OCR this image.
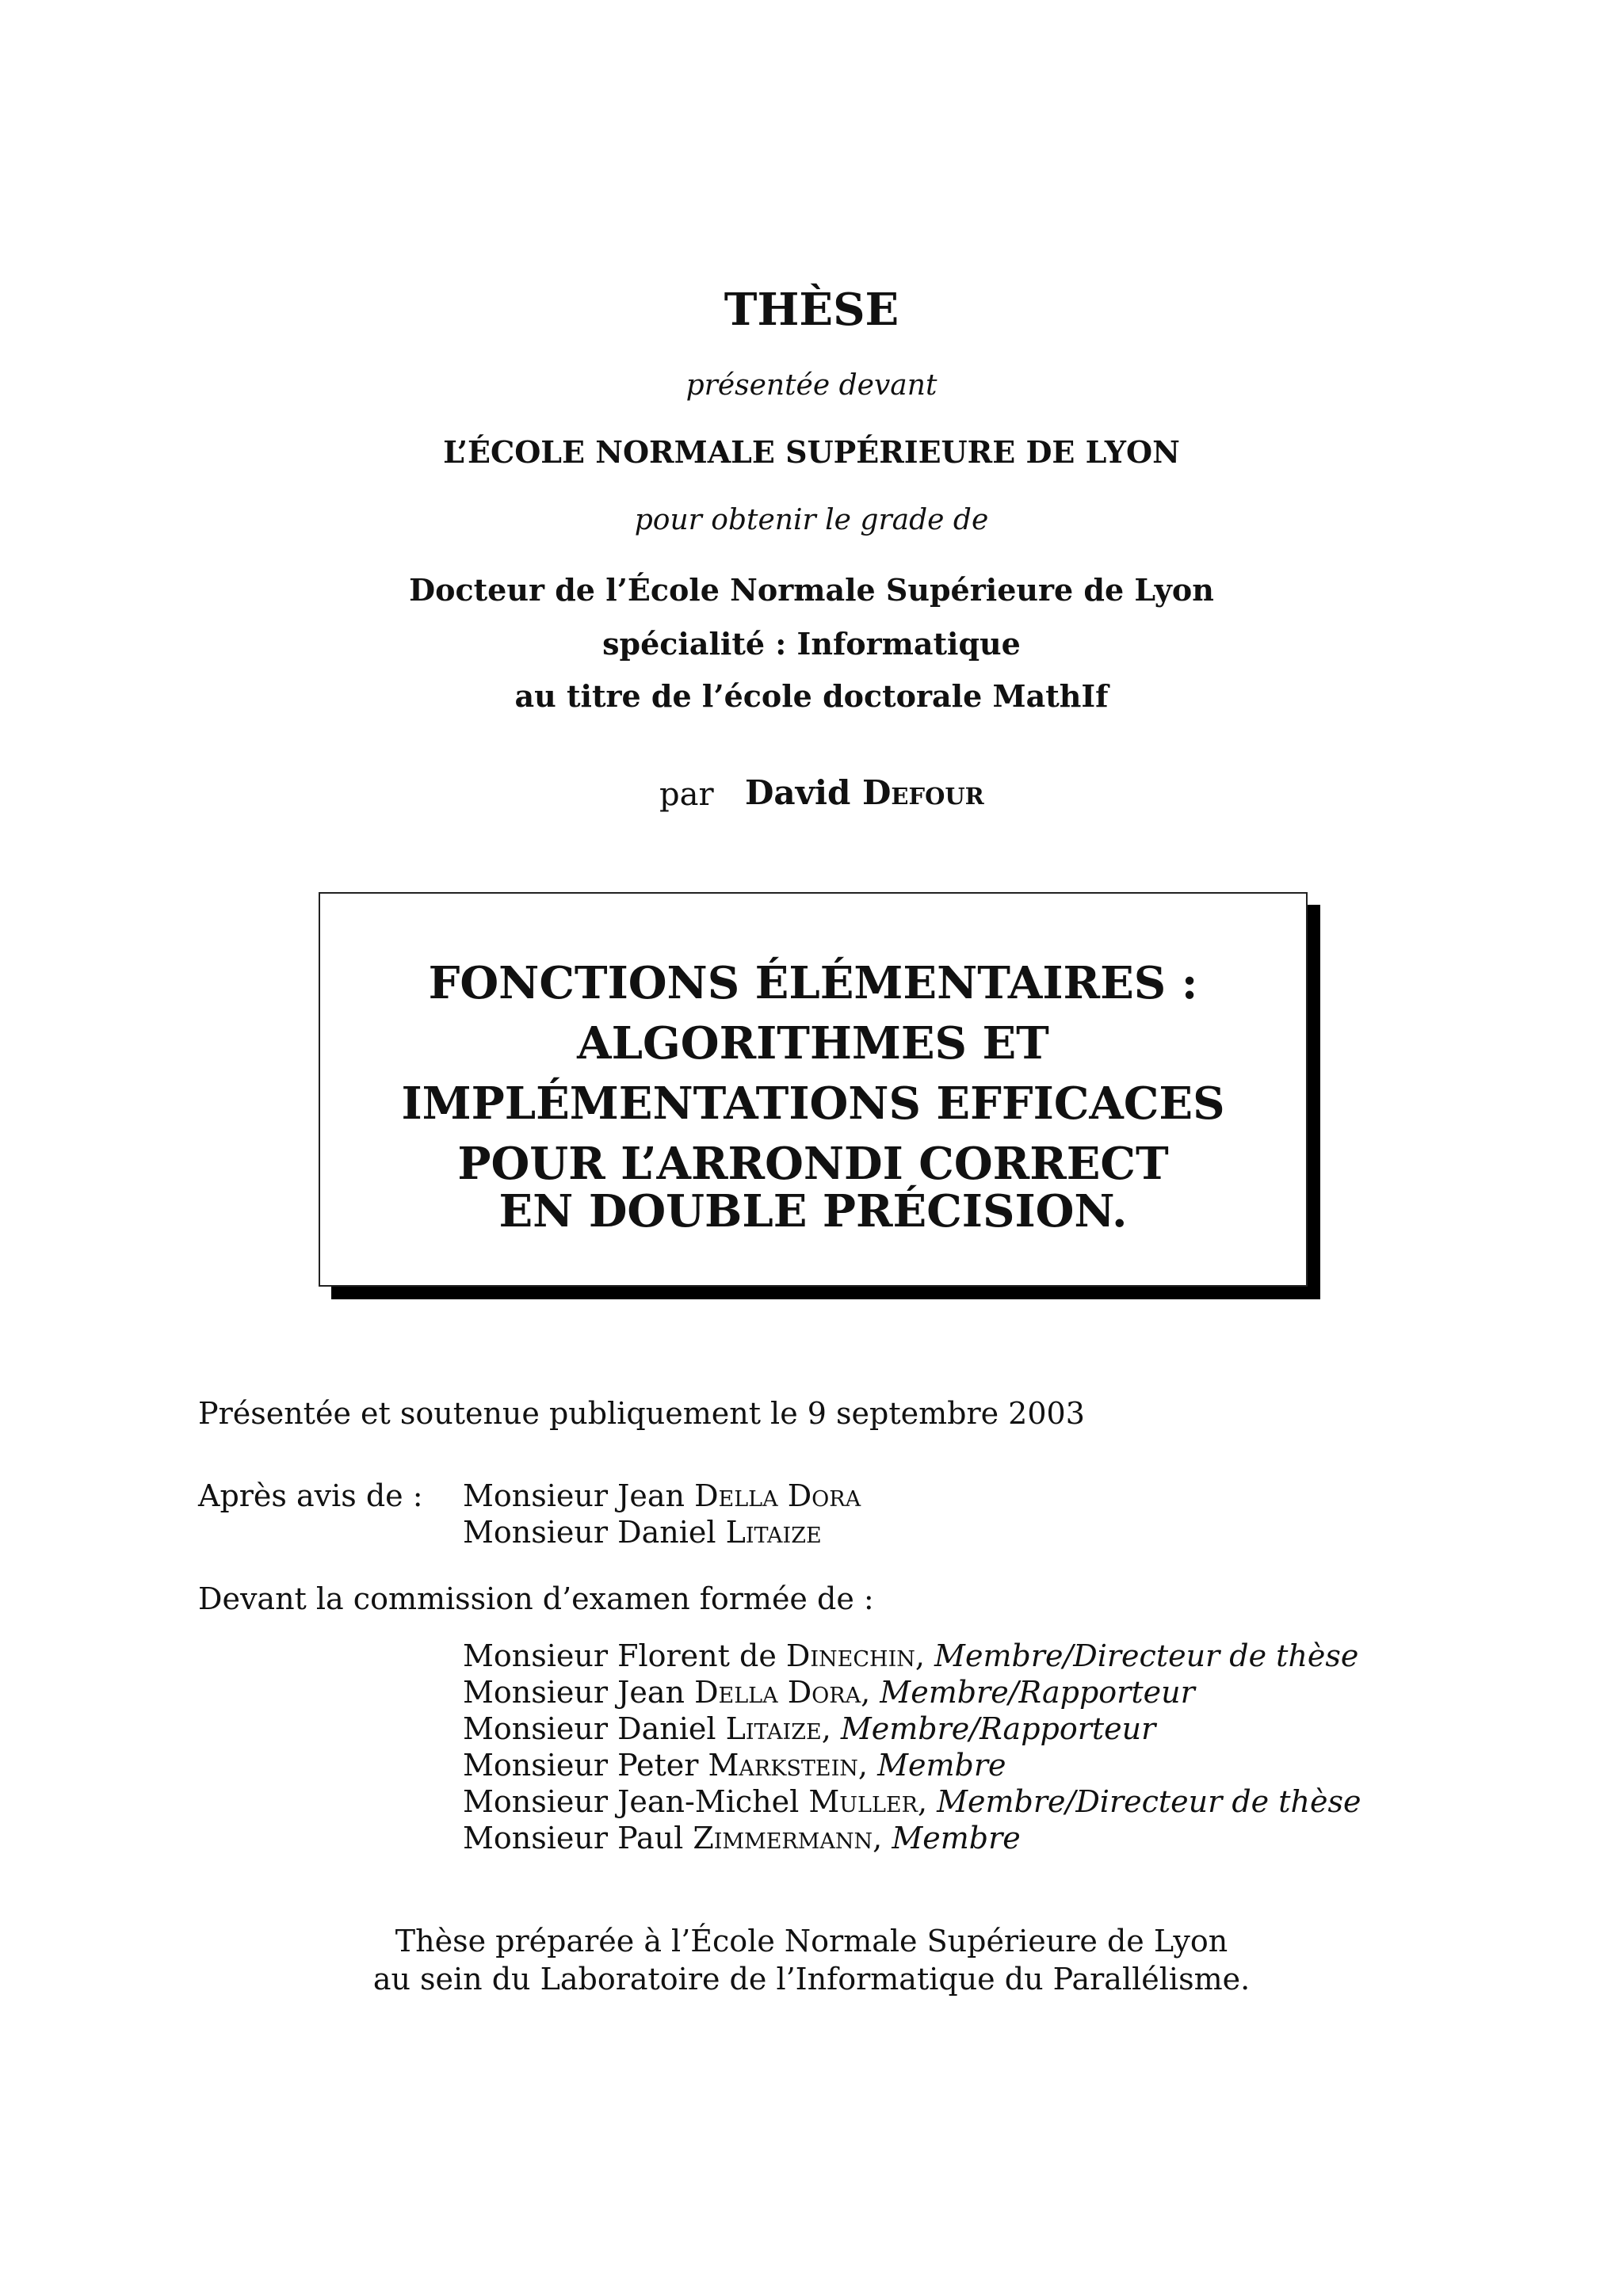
THÈSE
présentée devant
L’ÉCOLE NORMALE SUPÉRIEURE DE LYON
pour obtenir le grade de
Docteur de l’École Normale Supérieure de Lyon
spécialité : Informatique
au titre de l’école doctorale MathIf
par David Defour
FONCTIONS ÉLÉMENTAIRES :
ALGORITHMES ET
IMPLÉMENTATIONS EFFICACES
POUR L’ARRONDI CORRECT
EN DOUBLE PRÉCISION.
Présentée et soutenue publiquement le 9 septembre 2003
Après avis de : Monsieur Jean Della Dora
Monsieur Daniel Litaize
Devant la commission d’examen formée de :
Monsieur Florent de Dinechin, Membre/Directeur de thèse
Monsieur Jean Della Dora, Membre/Rapporteur
Monsieur Daniel Litaize, Membre/Rapporteur
Monsieur Peter Markstein, Membre
Monsieur Jean-Michel Muller, Membre/Directeur de thèse
Monsieur Paul Zimmermann, Membre
Thèse préparée à l’École Normale Supérieure de Lyon
au sein du Laboratoire de l’Informatique du Parallélisme.
